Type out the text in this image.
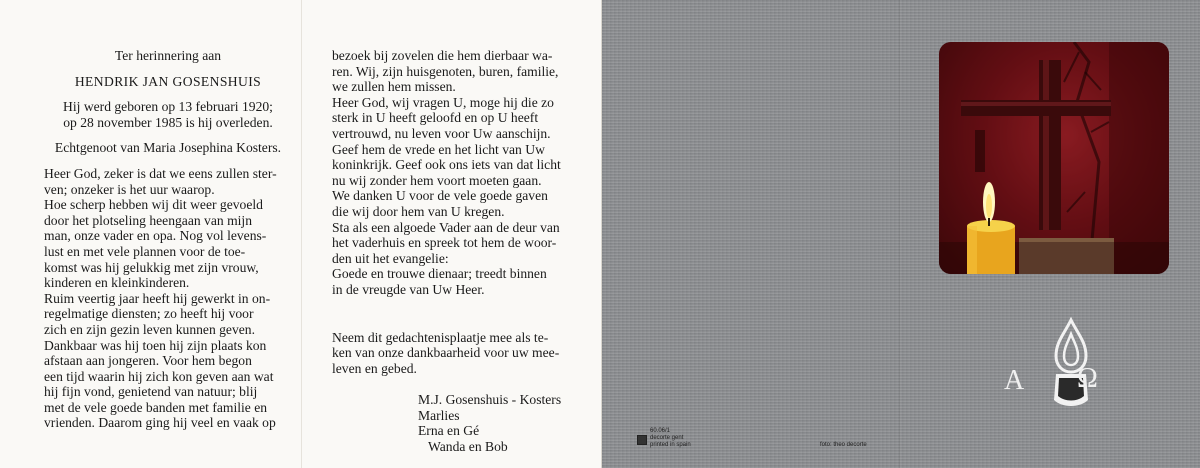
Ter herinnering aan

HENDRIK JAN GOSENSHUIS

Hij werd geboren op 13 februari 1920;

op 28 november 1985 is hij overleden.

Echtgenoot van Maria Josephina Kosters.

Heer God, zeker is dat we eens zullen ster-

ven; onzeker is het uur waarop.

Hoe scherp hebben wij dit weer gevoeld

door het plotseling heengaan van mijn

man, onze vader en opa. Nog vol levens-

lust en met vele plannen voor de toe-

komst was hij gelukkig met zijn vrouw,

kinderen en kleinkinderen.

Ruim veertig jaar heeft hij gewerkt in on-

regelmatige diensten; zo heeft hij voor

zich en zijn gezin leven kunnen geven.

Dankbaar was hij toen hij zijn plaats kon

afstaan aan jongeren. Voor hem begon

een tijd waarin hij zich kon geven aan wat

hij fijn vond, genietend van natuur; blij

met de vele goede banden met familie en

vrienden. Daarom ging hij veel en vaak op

bezoek bij zovelen die hem dierbaar wa-

ren. Wij, zijn huisgenoten, buren, familie,

we zullen hem missen.

Heer God, wij vragen U, moge hij die zo

sterk in U heeft geloofd en op U heeft

vertrouwd, nu leven voor Uw aanschijn.

Geef hem de vrede en het licht van Uw

koninkrijk. Geef ook ons iets van dat licht

nu wij zonder hem voort moeten gaan.

We danken U voor de vele goede gaven

die wij door hem van U kregen.

Sta als een algoede Vader aan de deur van

het vaderhuis en spreek tot hem de woor-

den uit het evangelie:

Goede en trouwe dienaar; treedt binnen

in de vreugde van Uw Heer.

Neem dit gedachtenisplaatje mee als te-

ken van onze dankbaarheid voor uw mee-

leven en gebed.

M.J. Gosenshuis - Kosters

Marlies

Erna en Gé

Wanda en Bob

Α Ω
60.06/1
decorte gent
printed in spain	foto: theo decorte
